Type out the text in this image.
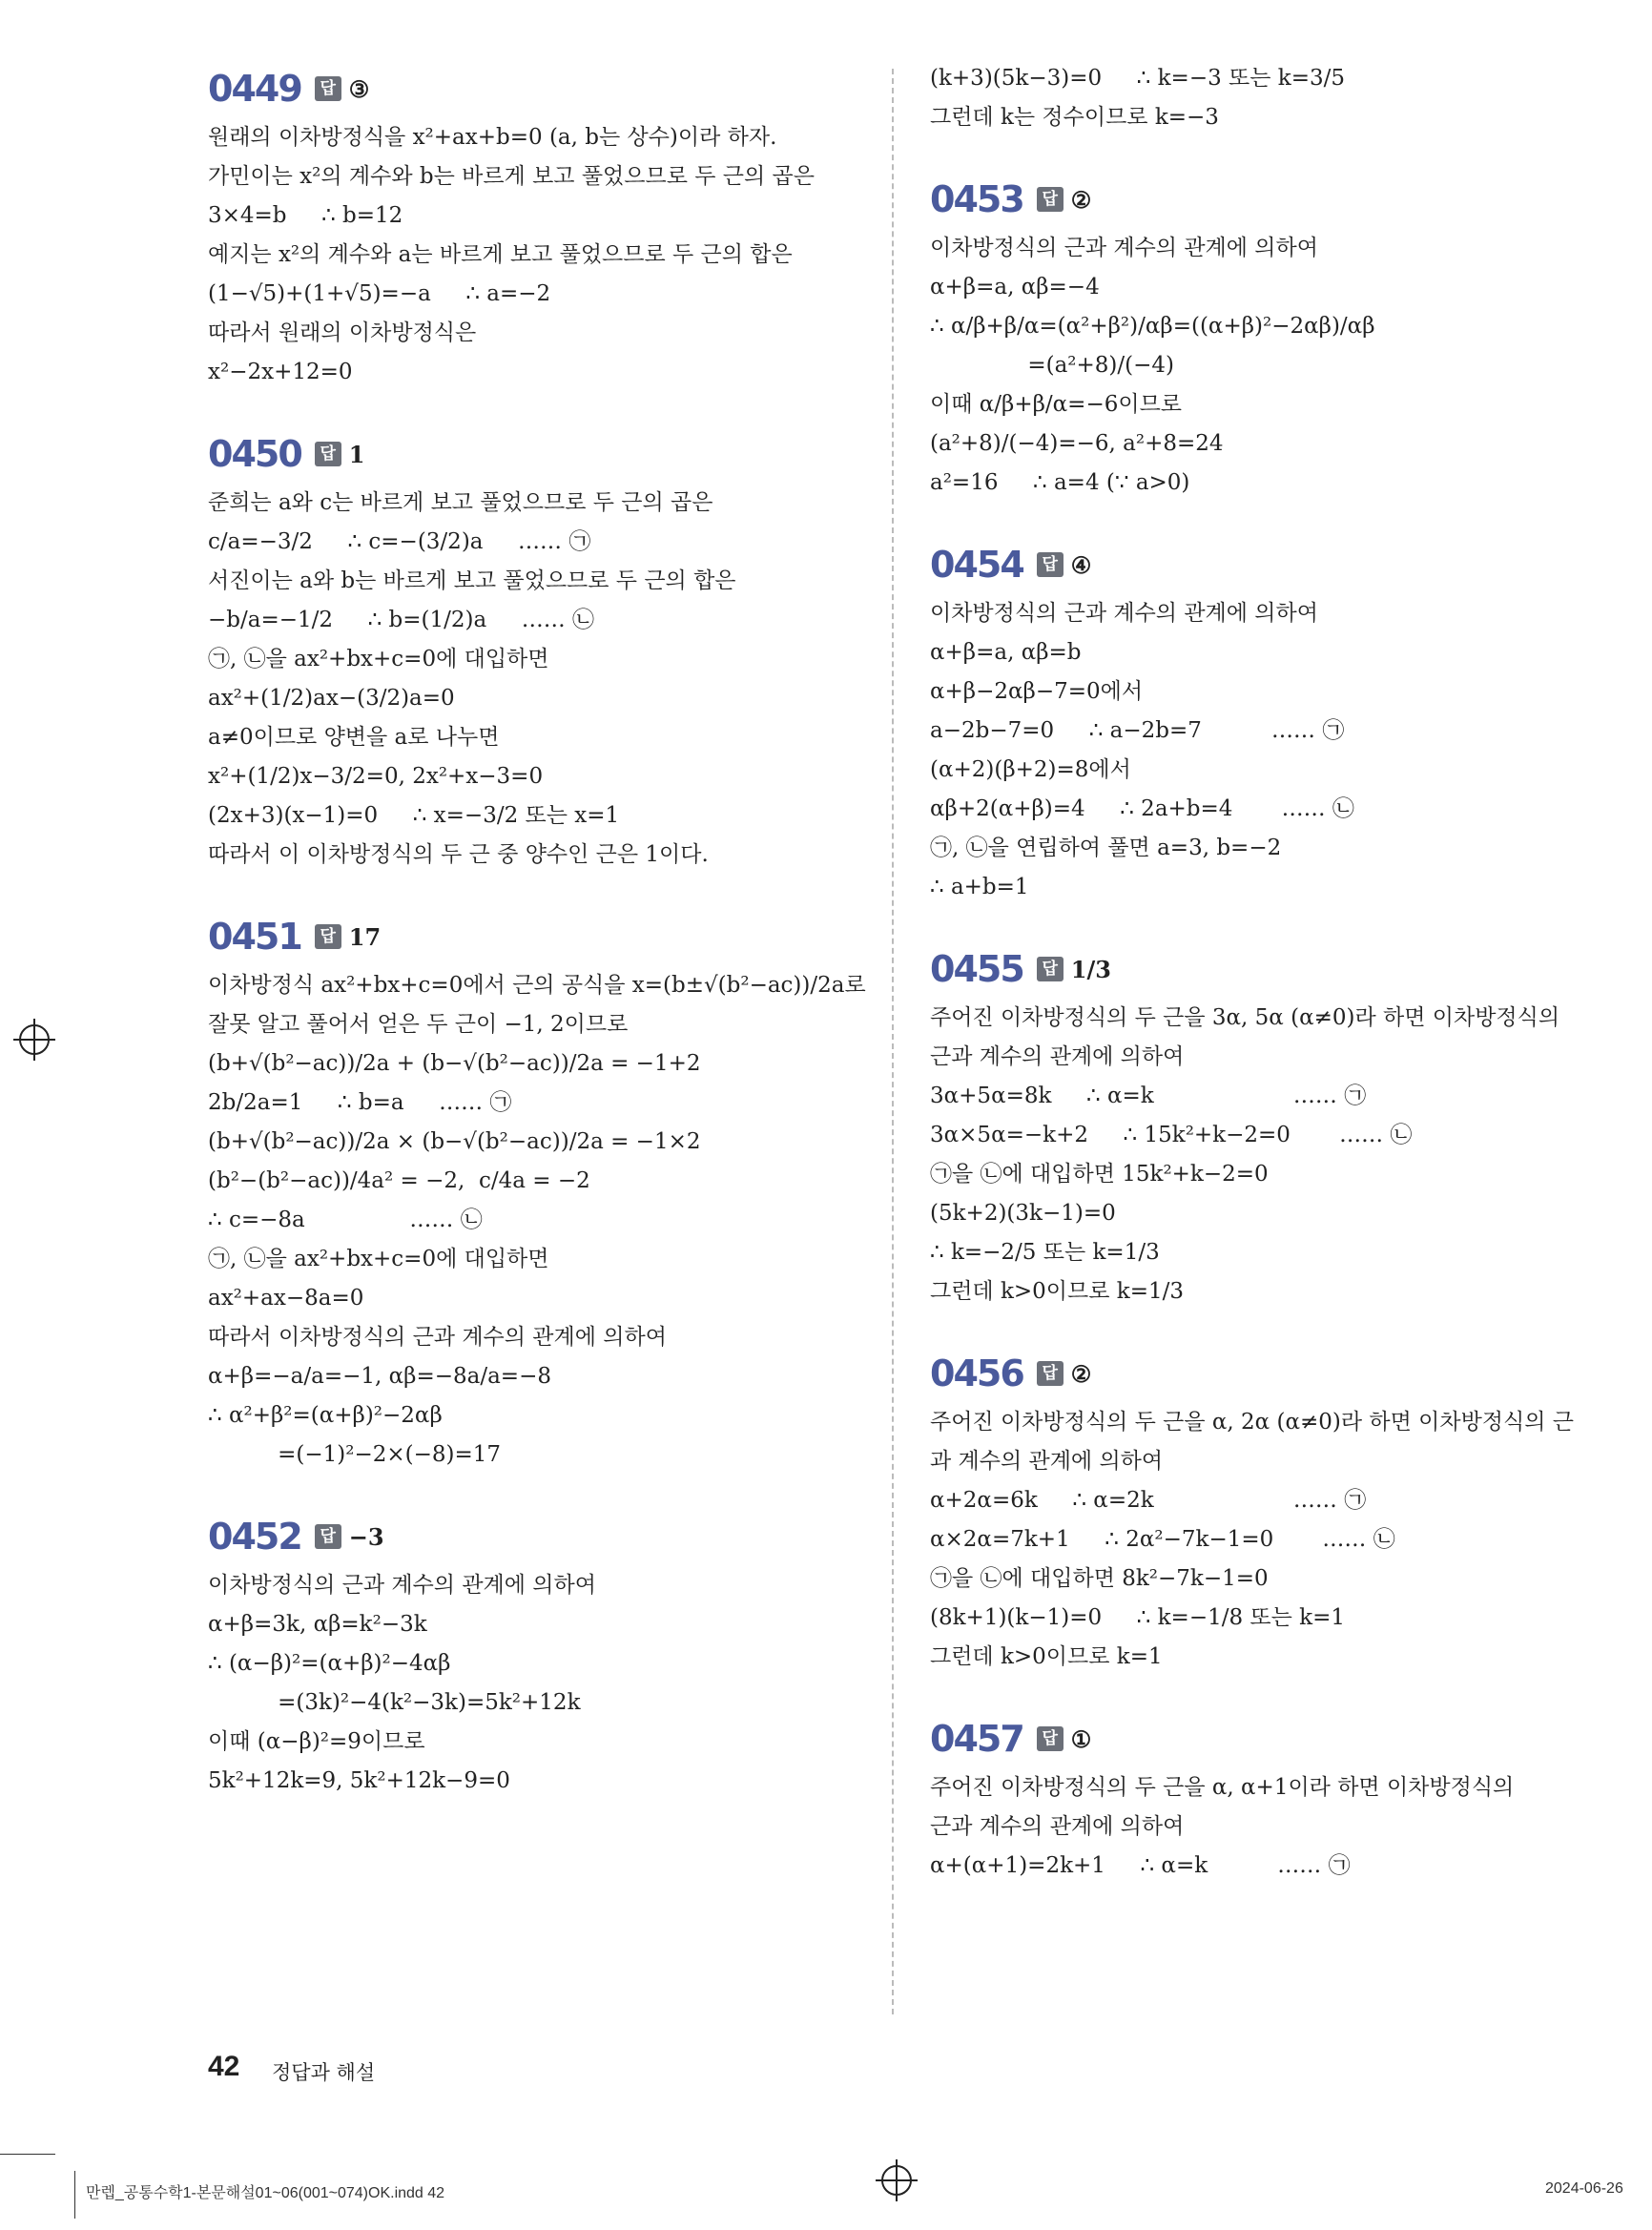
0449	답 ③
원래의 이차방정식을 x²+ax+b=0 (a, b는 상수)이라 하자.
가민이는 x²의 계수와 b는 바르게 보고 풀었으므로 두 근의 곱은
3×4=b     ∴ b=12
예지는 x²의 계수와 a는 바르게 보고 풀었으므로 두 근의 합은
(1−√5)+(1+√5)=−a     ∴ a=−2
따라서 원래의 이차방정식은
x²−2x+12=0
0450	답 1
준희는 a와 c는 바르게 보고 풀었으므로 두 근의 곱은
c/a=−3/2     ∴ c=−(3/2)a     …… ㉠
서진이는 a와 b는 바르게 보고 풀었으므로 두 근의 합은
−b/a=−1/2     ∴ b=(1/2)a     …… ㉡
㉠, ㉡을 ax²+bx+c=0에 대입하면
ax²+(1/2)ax−(3/2)a=0
a≠0이므로 양변을 a로 나누면
x²+(1/2)x−3/2=0, 2x²+x−3=0
(2x+3)(x−1)=0     ∴ x=−3/2 또는 x=1
따라서 이 이차방정식의 두 근 중 양수인 근은 1이다.
0451	답 17
이차방정식 ax²+bx+c=0에서 근의 공식을 x=(b±√(b²−ac))/2a로
잘못 알고 풀어서 얻은 두 근이 −1, 2이므로
(b+√(b²−ac))/2a + (b−√(b²−ac))/2a = −1+2
2b/2a=1     ∴ b=a     …… ㉠
(b+√(b²−ac))/2a × (b−√(b²−ac))/2a = −1×2
(b²−(b²−ac))/4a² = −2,  c/4a = −2
∴ c=−8a               …… ㉡
㉠, ㉡을 ax²+bx+c=0에 대입하면
ax²+ax−8a=0
따라서 이차방정식의 근과 계수의 관계에 의하여
α+β=−a/a=−1, αβ=−8a/a=−8
∴ α²+β²=(α+β)²−2αβ
=(−1)²−2×(−8)=17
0452	답 −3
이차방정식의 근과 계수의 관계에 의하여
α+β=3k, αβ=k²−3k
∴ (α−β)²=(α+β)²−4αβ
=(3k)²−4(k²−3k)=5k²+12k
이때 (α−β)²=9이므로
5k²+12k=9, 5k²+12k−9=0
(k+3)(5k−3)=0     ∴ k=−3 또는 k=3/5
그런데 k는 정수이므로 k=−3
0453	답 ②
이차방정식의 근과 계수의 관계에 의하여
α+β=a, αβ=−4
∴ α/β+β/α=(α²+β²)/αβ=((α+β)²−2αβ)/αβ
=(a²+8)/(−4)
이때 α/β+β/α=−6이므로
(a²+8)/(−4)=−6, a²+8=24
a²=16     ∴ a=4 (∵ a>0)
0454	답 ④
이차방정식의 근과 계수의 관계에 의하여
α+β=a, αβ=b
α+β−2αβ−7=0에서
a−2b−7=0     ∴ a−2b=7          …… ㉠
(α+2)(β+2)=8에서
αβ+2(α+β)=4     ∴ 2a+b=4       …… ㉡
㉠, ㉡을 연립하여 풀면 a=3, b=−2
∴ a+b=1
0455	답 1/3
주어진 이차방정식의 두 근을 3α, 5α (α≠0)라 하면 이차방정식의
근과 계수의 관계에 의하여
3α+5α=8k     ∴ α=k                    …… ㉠
3α×5α=−k+2     ∴ 15k²+k−2=0       …… ㉡
㉠을 ㉡에 대입하면 15k²+k−2=0
(5k+2)(3k−1)=0
∴ k=−2/5 또는 k=1/3
그런데 k>0이므로 k=1/3
0456	답 ②
주어진 이차방정식의 두 근을 α, 2α (α≠0)라 하면 이차방정식의 근
과 계수의 관계에 의하여
α+2α=6k     ∴ α=2k                    …… ㉠
α×2α=7k+1     ∴ 2α²−7k−1=0       …… ㉡
㉠을 ㉡에 대입하면 8k²−7k−1=0
(8k+1)(k−1)=0     ∴ k=−1/8 또는 k=1
그런데 k>0이므로 k=1
0457	답 ①
주어진 이차방정식의 두 근을 α, α+1이라 하면 이차방정식의
근과 계수의 관계에 의하여
α+(α+1)=2k+1     ∴ α=k          …… ㉠
42 정답과 해설
만렙_공통수학1-본문해설01~06(001~074)OK.indd 42	2024-06-26
